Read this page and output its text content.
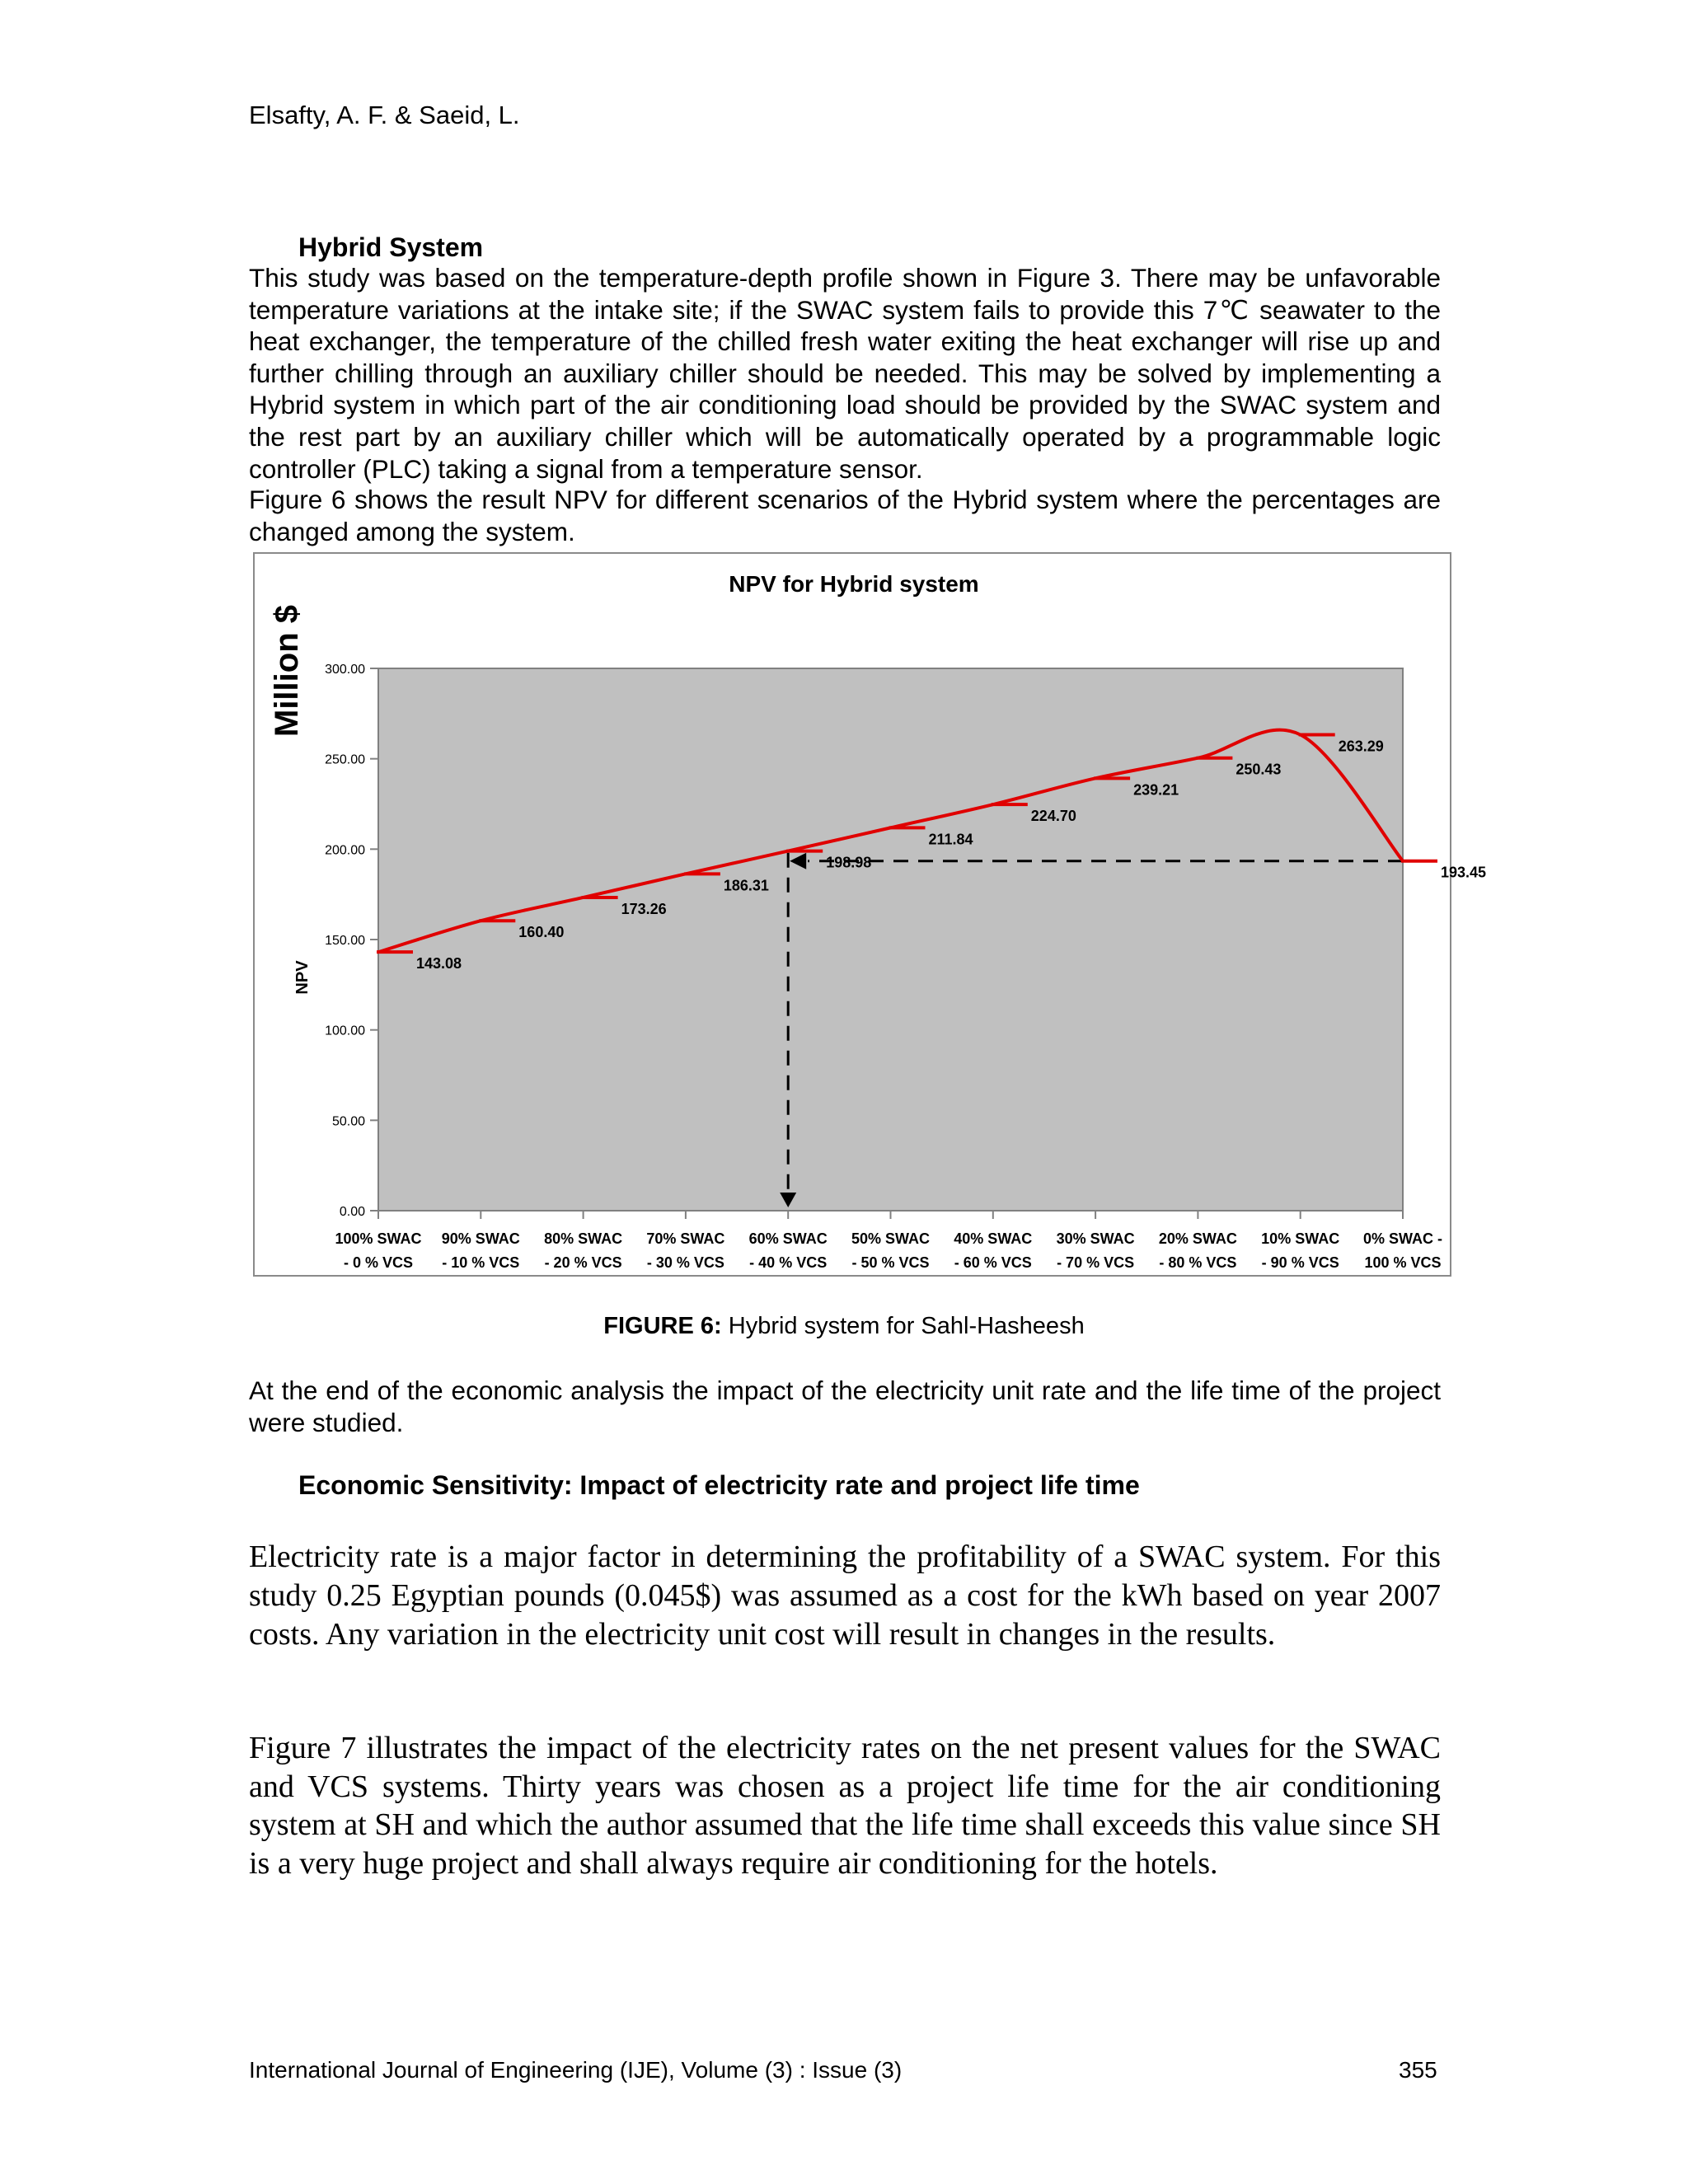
Elsafty, A. F. & Saeid, L.
Hybrid System

This study was based on the temperature-depth profile shown in Figure 3. There may be unfavorable temperature variations at the intake site; if the SWAC system fails to provide this 7℃ seawater to the heat exchanger, the temperature of the chilled fresh water exiting the heat exchanger will rise up and further chilling through an auxiliary chiller should be needed. This may be solved by implementing a Hybrid system in which part of the air conditioning load should be provided by the SWAC system and the rest part by an auxiliary chiller which will be automatically operated by a programmable logic controller (PLC) taking a signal from a temperature sensor.

Figure 6 shows the result NPV for different scenarios of the Hybrid system where the percentages are changed among the system.

NPV for Hybrid system
Million $
NPV
0.00
50.00
100.00
150.00
200.00
250.00
300.00
100% SWAC - 0 % VCS
90% SWAC - 10 % VCS
80% SWAC - 20 % VCS
70% SWAC - 30 % VCS
60% SWAC - 40 % VCS
50% SWAC - 50 % VCS
40% SWAC - 60 % VCS
30% SWAC - 70 % VCS
20% SWAC - 80 % VCS
10% SWAC - 90 % VCS
0% SWAC -100 % VCS
143.08
160.40
173.26
186.31
198.98
211.84
224.70
239.21
250.43
263.29
193.45
FIGURE 6: Hybrid system for Sahl-Hasheesh

At the end of the economic analysis the impact of the electricity unit rate and the life time of the project were studied.

Economic Sensitivity: Impact of electricity rate and project life time

Electricity rate is a major factor in determining the profitability of a SWAC system. For this study 0.25 Egyptian pounds (0.045$) was assumed as a cost for the kWh based on year 2007 costs. Any variation in the electricity unit cost will result in changes in the results.

Figure 7 illustrates the impact of the electricity rates on the net present values for the SWAC and VCS systems. Thirty years was chosen as a project life time for the air conditioning system at SH and which the author assumed that the life time shall exceeds this value since SH is a very huge project and shall always require air conditioning for the hotels.

International Journal of Engineering (IJE), Volume (3) : Issue (3)	355
